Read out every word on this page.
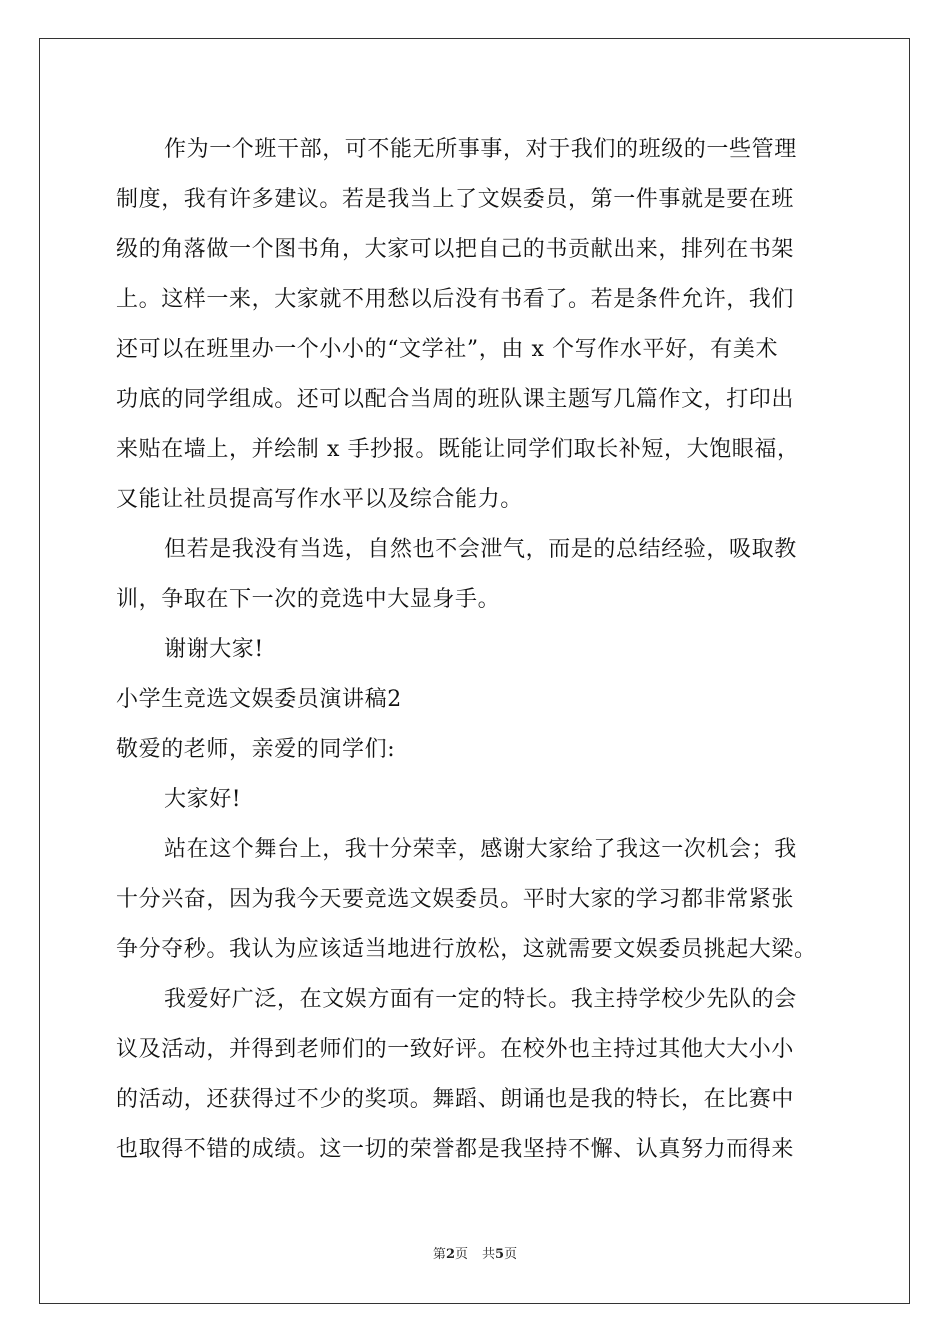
作为一个班干部，可不能无所事事，对于我们的班级的一些管理
制度，我有许多建议。若是我当上了文娱委员，第一件事就是要在班
级的角落做一个图书角，大家可以把自己的书贡献出来，排列在书架
上。这样一来，大家就不用愁以后没有书看了。若是条件允许，我们
还可以在班里办一个小小的“文学社”，由 x 个写作水平好，有美术
功底的同学组成。还可以配合当周的班队课主题写几篇作文，打印出
来贴在墙上，并绘制 x 手抄报。既能让同学们取长补短，大饱眼福，
又能让社员提高写作水平以及综合能力。
但若是我没有当选，自然也不会泄气，而是的总结经验，吸取教
训，争取在下一次的竞选中大显身手。
谢谢大家!
小学生竞选文娱委员演讲稿2
敬爱的老师，亲爱的同学们:
大家好!
站在这个舞台上，我十分荣幸，感谢大家给了我这一次机会；我
十分兴奋，因为我今天要竞选文娱委员。平时大家的学习都非常紧张
争分夺秒。我认为应该适当地进行放松，这就需要文娱委员挑起大梁。
我爱好广泛，在文娱方面有一定的特长。我主持学校少先队的会
议及活动，并得到老师们的一致好评。在校外也主持过其他大大小小
的活动，还获得过不少的奖项。舞蹈、朗诵也是我的特长，在比赛中
也取得不错的成绩。这一切的荣誉都是我坚持不懈、认真努力而得来
第2页 共5页
